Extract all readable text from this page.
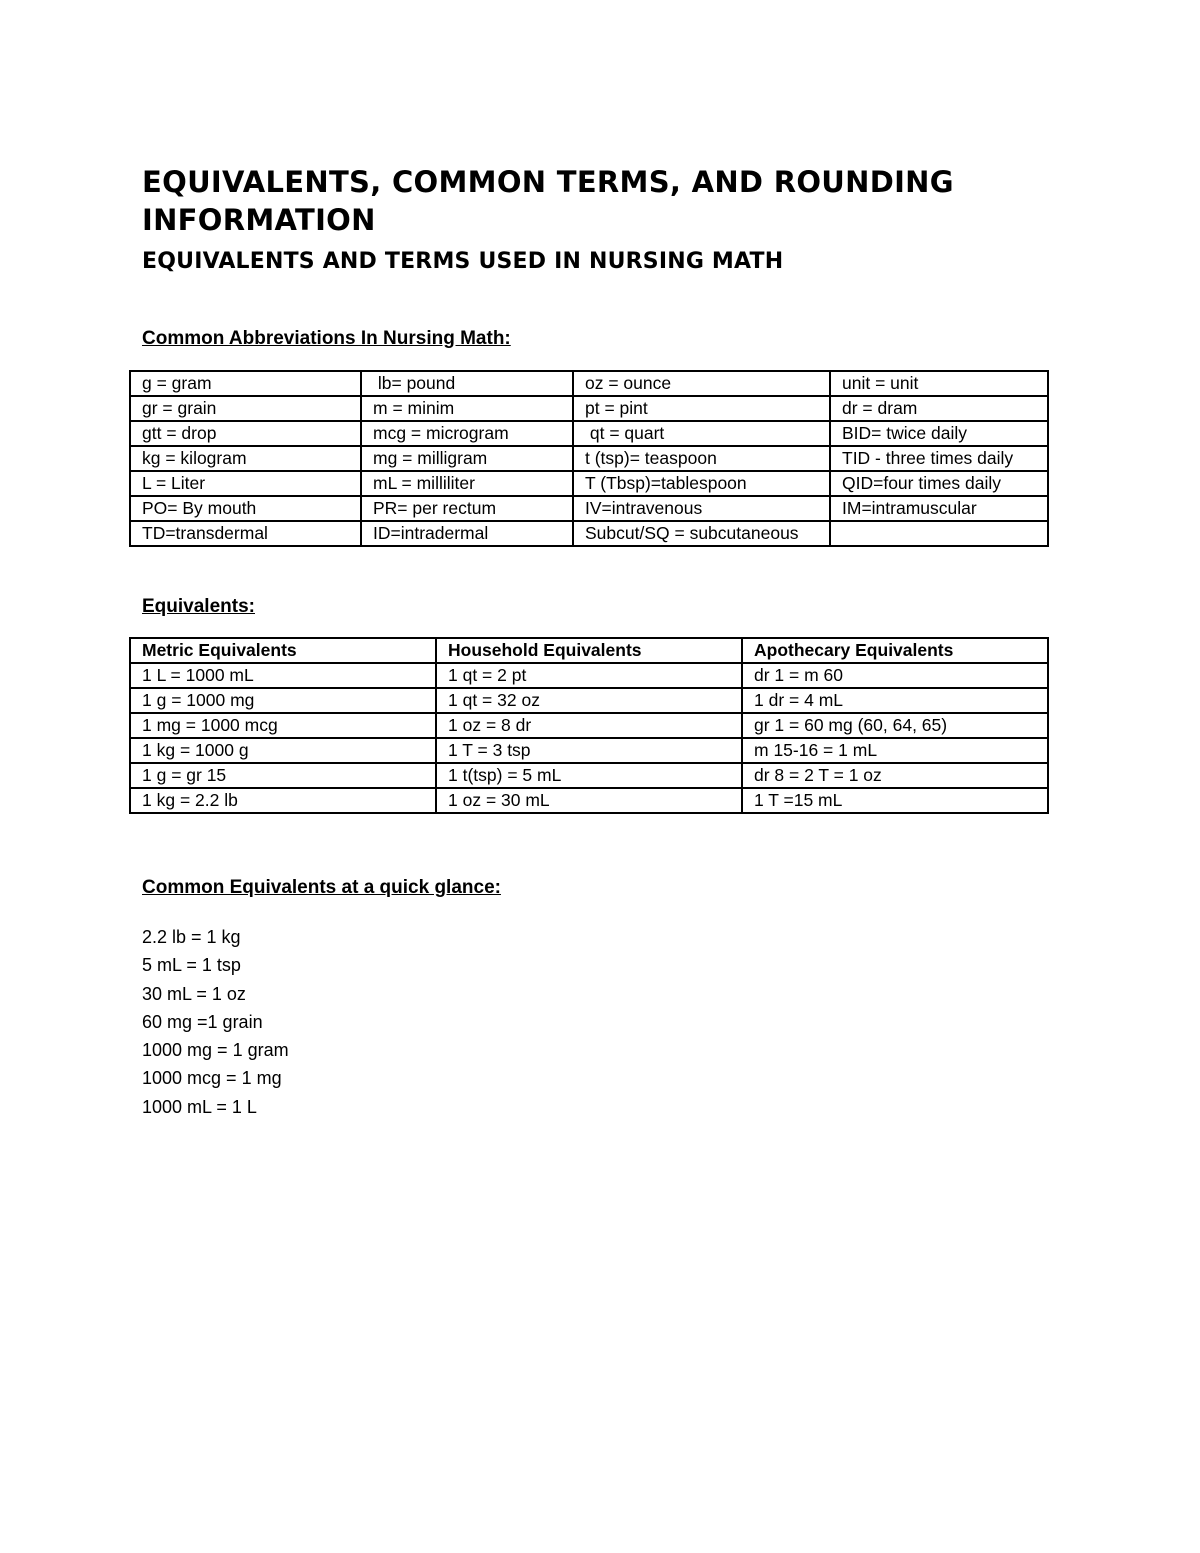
EQUIVALENTS, COMMON TERMS, AND ROUNDING INFORMATION
EQUIVALENTS AND TERMS USED IN NURSING MATH
Common Abbreviations In Nursing Math:
g = gram	lb= pound	oz = ounce	unit = unit
gr = grain	m = minim	pt = pint	dr = dram
gtt = drop	mcg = microgram	qt = quart	BID= twice daily
kg = kilogram	mg = milligram	t (tsp)= teaspoon	TID - three times daily
L = Liter	mL = milliliter	T (Tbsp)=tablespoon	QID=four times daily
PO= By mouth	PR= per rectum	IV=intravenous	IM=intramuscular
TD=transdermal	ID=intradermal	Subcut/SQ = subcutaneous	
Equivalents:
Metric Equivalents	Household Equivalents	Apothecary Equivalents
1 L = 1000 mL	1 qt = 2 pt	dr 1 = m 60
1 g = 1000 mg	1 qt = 32 oz	1 dr = 4 mL
1 mg = 1000 mcg	1 oz = 8 dr	gr 1 = 60 mg (60, 64, 65)
1 kg = 1000 g	1 T = 3 tsp	m 15-16 = 1 mL
1 g = gr 15	1 t(tsp) = 5 mL	dr 8 = 2 T = 1 oz
1 kg = 2.2 lb	1 oz = 30 mL	1 T =15 mL
Common Equivalents at a quick glance:
2.2 lb = 1 kg
5 mL = 1 tsp
30 mL = 1 oz
60 mg =1 grain
1000 mg = 1 gram
1000 mcg = 1 mg
1000 mL = 1 L
